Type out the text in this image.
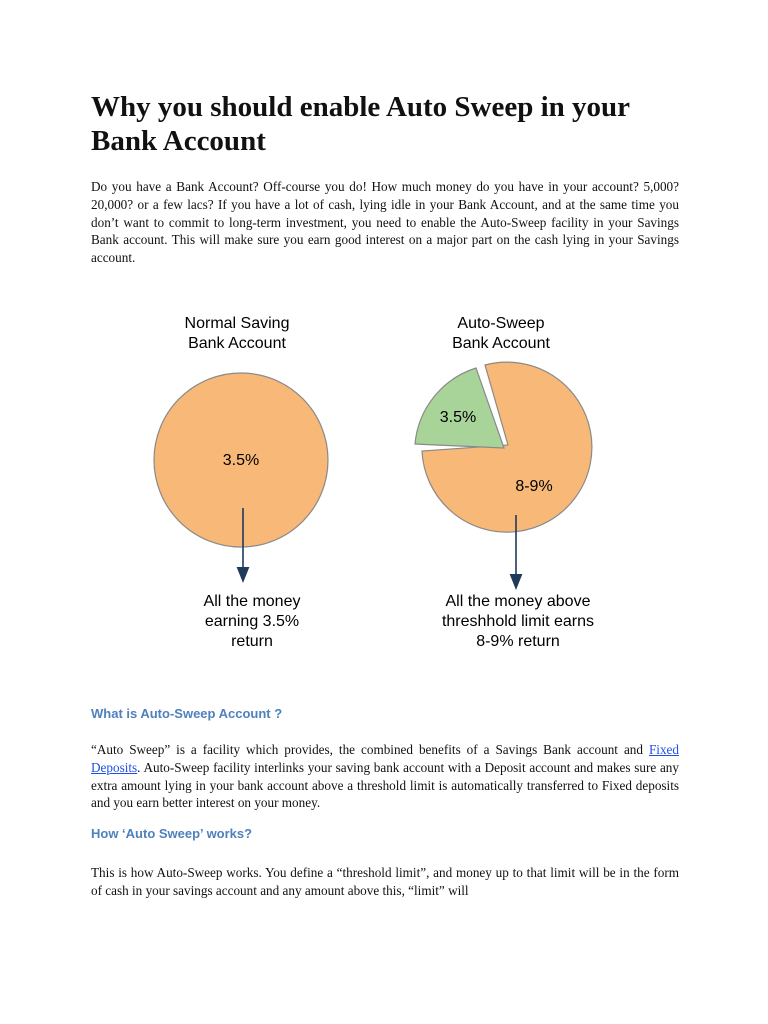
Why you should enable Auto Sweep in your Bank Account

Do you have a Bank Account? Off-course you do! How much money do you have in your account? 5,000? 20,000? or a few lacs? If you have a lot of cash, lying idle in your Bank Account, and at the same time you don’t want to commit to long-term investment, you need to enable the Auto-Sweep facility in your Savings Bank account. This will make sure you earn good interest on a major part on the cash lying in your Savings account.

Normal Saving
Bank Account
3.5%
All the money
earning 3.5%
return
Auto-Sweep
Bank Account
3.5%
8-9%
All the money above
threshhold limit earns
8-9% return
What is Auto-Sweep Account ?

“Auto Sweep” is a facility which provides, the combined benefits of a Savings Bank account and Fixed Deposits. Auto-Sweep facility interlinks your saving bank account with a Deposit account and makes sure any extra amount lying in your bank account above a threshold limit is automatically transferred to Fixed deposits and you earn better interest on your money.

How ‘Auto Sweep’ works?

This is how Auto-Sweep works. You define a “threshold limit”, and money up to that limit will be in the form of cash in your savings account and any amount above this, “limit” will
